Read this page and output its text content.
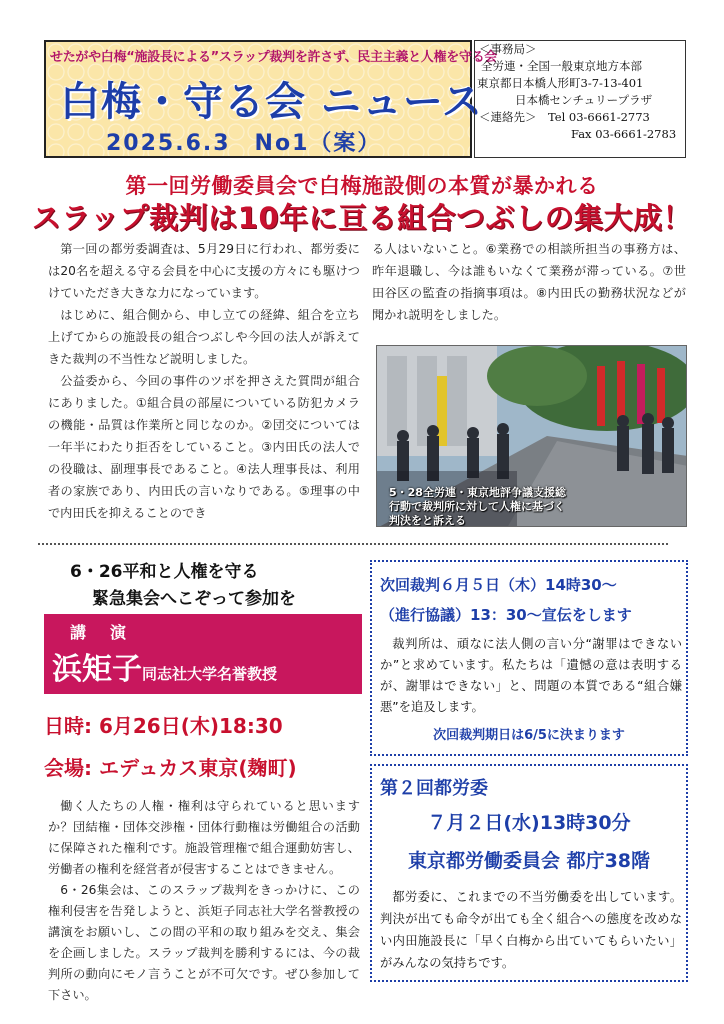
せたがや白梅“施設長による”スラップ裁判を許さず、民主主義と人権を守る会
白梅・守る会 ニュース
2025.6.3　No1（案）
＜事務局＞
全労連・全国一般東京地方本部
東京都日本橋人形町3-7-13-401
日本橋センチュリープラザ
＜連絡先＞　 Tel 03-6661-2773
Fax 03-6661-2783
第一回労働委員会で白梅施設側の本質が暴かれる
スラップ裁判は10年に亘る組合つぶしの集大成！

第一回の都労委調査は、5月29日に行われ、都労委には20名を超える守る会員を中心に支援の方々にも駆けつけていただき大きな力になっています。

はじめに、組合側から、申し立ての経緯、組合を立ち上げてからの施設長の組合つぶしや今回の法人が訴えてきた裁判の不当性など説明しました。

公益委から、今回の事件のツボを押さえた質問が組合にありました。①組合員の部屋についている防犯カメラの機能・品質は作業所と同じなのか。②団交については一年半にわたり拒否をしていること。③内田氏の法人での役職は、副理事長であること。④法人理事長は、利用者の家族であり、内田氏の言いなりである。⑤理事の中で内田氏を抑えることのでき

る人はいないこと。⑥業務での相談所担当の事務方は、昨年退職し、今は誰もいなくて業務が滞っている。⑦世田谷区の監査の指摘事項は。⑧内田氏の勤務状況などが聞かれ説明をしました。

5・28全労連・東京地評争議支援総
行動で裁判所に対して人権に基づく
判決をと訴える
6・26平和と人権を守る
緊急集会へこぞって参加を
講　演
浜矩子同志社大学名誉教授
日時: 6月26日(木)18:30
会場: エデュカス東京(麹町)

働く人たちの人権・権利は守られていると思いますか？団結権・団体交渉権・団体行動権は労働組合の活動に保障された権利です。施設管理権で組合運動妨害し、労働者の権利を経営者が侵害することはできません。

6・26集会は、このスラップ裁判をきっかけに、この権利侵害を告発しようと、浜矩子同志社大学名誉教授の講演をお願いし、この間の平和の取り組みを交え、集会を企画しました。スラップ裁判を勝利するには、今の裁判所の動向にモノ言うことが不可欠です。ぜひ参加して下さい。

次回裁判６月５日（木）14時30～
（進行協議）13：30～宣伝をします

裁判所は、頑なに法人側の言い分“謝罪はできないか”と求めています。私たちは「遺憾の意は表明するが、謝罪はできない」と、問題の本質である“組合嫌悪”を追及します。

次回裁判期日は6/5に決まります
第２回都労委
７月２日(水)13時30分
東京都労働委員会 都庁38階

都労委に、これまでの不当労働委を出しています。判決が出ても命令が出ても全く組合への態度を改めない内田施設長に「早く白梅から出ていてもらいたい」がみんなの気持ちです。
